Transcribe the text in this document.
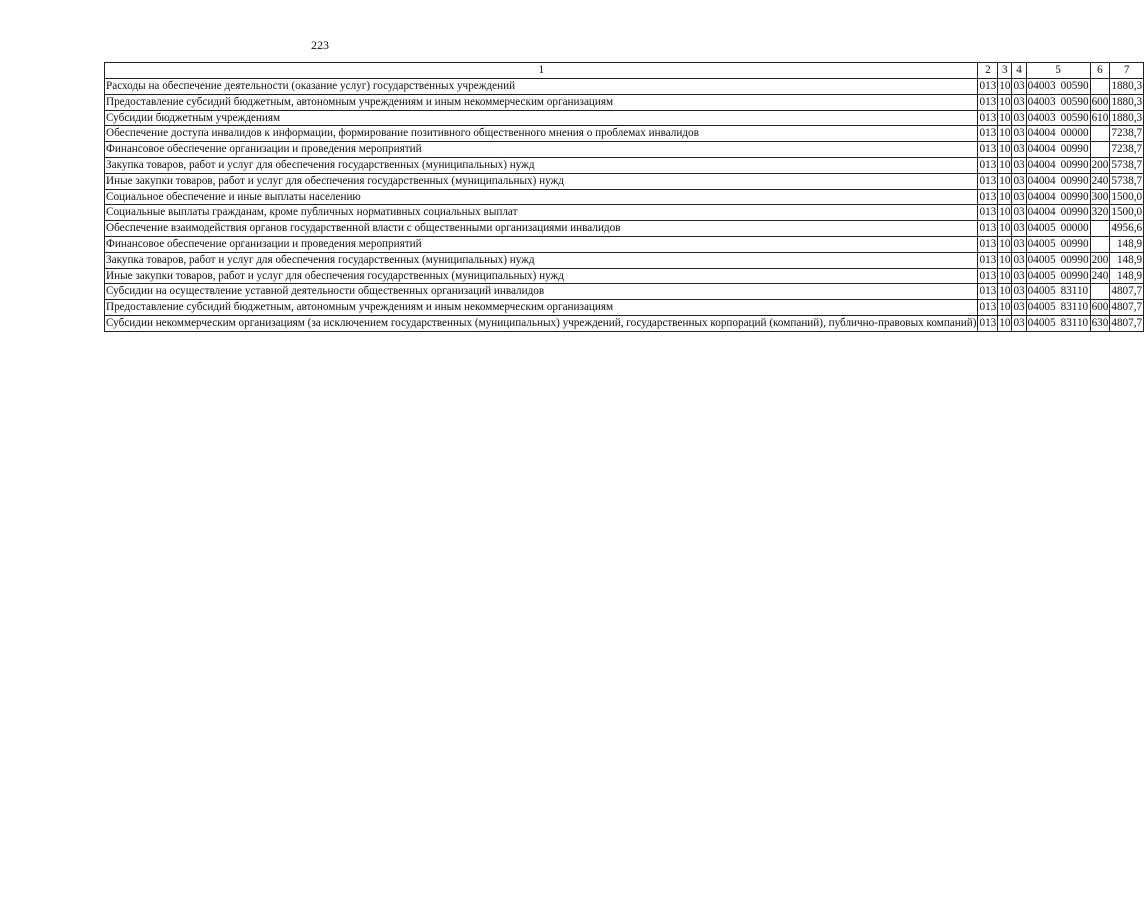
223
1	2	3	4	5	6	7
Расходы на обеспечение деятельности (оказание услуг) государственных учреждений	013	10	03	04003 00590		1880,3
Предоставление субсидий бюджетным, автономным учреждениям и иным некоммерческим организациям	013	10	03	04003 00590	600	1880,3
Субсидии бюджетным учреждениям	013	10	03	04003 00590	610	1880,3
Обеспечение доступа инвалидов к информации, формирование позитивного общественного мнения о проблемах инвалидов	013	10	03	04004 00000		7238,7
Финансовое обеспечение организации и проведения мероприятий	013	10	03	04004 00990		7238,7
Закупка товаров, работ и услуг для обеспечения государственных (муниципальных) нужд	013	10	03	04004 00990	200	5738,7
Иные закупки товаров, работ и услуг для обеспечения государственных (муниципальных) нужд	013	10	03	04004 00990	240	5738,7
Социальное обеспечение и иные выплаты населению	013	10	03	04004 00990	300	1500,0
Социальные выплаты гражданам, кроме публичных нормативных социальных выплат	013	10	03	04004 00990	320	1500,0
Обеспечение взаимодействия органов государственной власти с общественными организациями инвалидов	013	10	03	04005 00000		4956,6
Финансовое обеспечение организации и проведения мероприятий	013	10	03	04005 00990		148,9
Закупка товаров, работ и услуг для обеспечения государственных (муниципальных) нужд	013	10	03	04005 00990	200	148,9
Иные закупки товаров, работ и услуг для обеспечения государственных (муниципальных) нужд	013	10	03	04005 00990	240	148,9
Субсидии на осуществление уставной деятельности общественных организаций инвалидов	013	10	03	04005 83110		4807,7
Предоставление субсидий бюджетным, автономным учреждениям и иным некоммерческим организациям	013	10	03	04005 83110	600	4807,7
Субсидии некоммерческим организациям (за исключением государственных (муниципальных) учреждений, государственных корпораций (компаний), публично-правовых компаний)	013	10	03	04005 83110	630	4807,7
